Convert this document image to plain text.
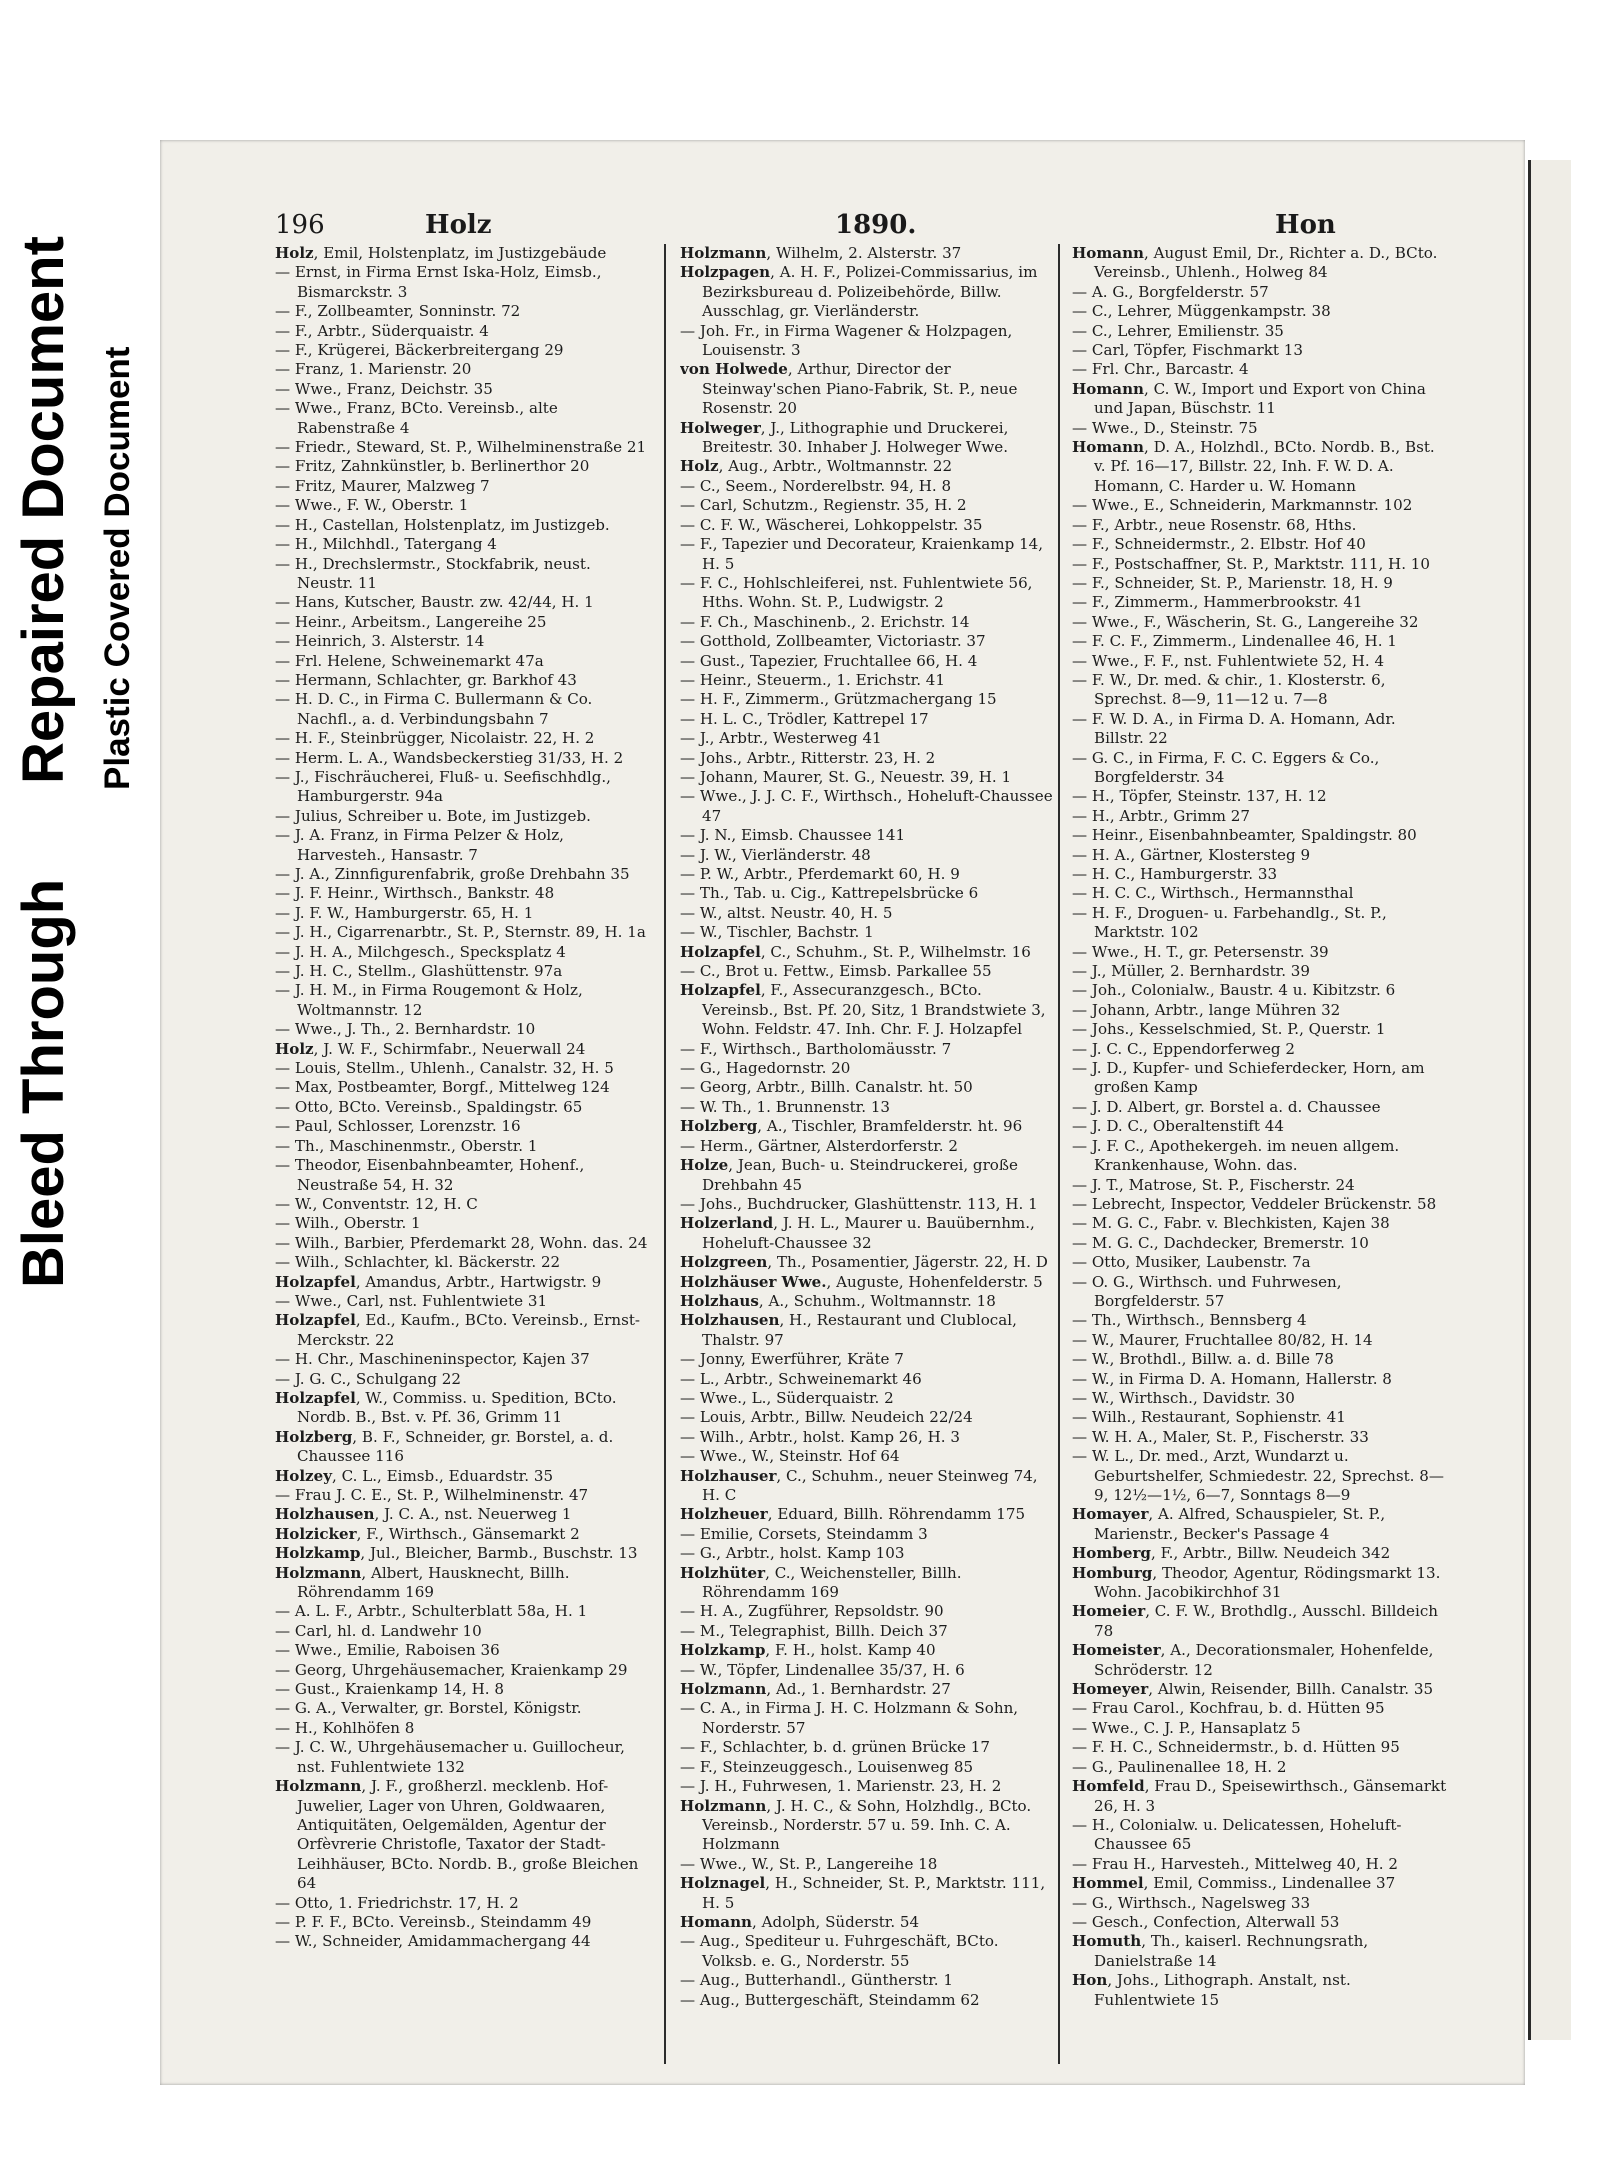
Bleed Through
Repaired Document Plastic Covered Document
196	Holz	1890.	Hon

Holz, Emil, Holstenplatz, im Justizgebäude

— Ernst, in Firma Ernst Iska-Holz, Eimsb., Bismarckstr. 3

— F., Zollbeamter, Sonninstr. 72

— F., Arbtr., Süderquaistr. 4

— F., Krügerei, Bäckerbreitergang 29

— Franz, 1. Marienstr. 20

— Wwe., Franz, Deichstr. 35

— Wwe., Franz, BCto. Vereinsb., alte Rabenstraße 4

— Friedr., Steward, St. P., Wilhelminenstraße 21

— Fritz, Zahnkünstler, b. Berlinerthor 20

— Fritz, Maurer, Malzweg 7

— Wwe., F. W., Oberstr. 1

— H., Castellan, Holstenplatz, im Justizgeb.

— H., Milchhdl., Tatergang 4

— H., Drechslermstr., Stockfabrik, neust. Neustr. 11

— Hans, Kutscher, Baustr. zw. 42/44, H. 1

— Heinr., Arbeitsm., Langereihe 25

— Heinrich, 3. Alsterstr. 14

— Frl. Helene, Schweinemarkt 47a

— Hermann, Schlachter, gr. Barkhof 43

— H. D. C., in Firma C. Bullermann & Co. Nachfl., a. d. Verbindungsbahn 7

— H. F., Steinbrügger, Nicolaistr. 22, H. 2

— Herm. L. A., Wandsbeckerstieg 31/33, H. 2

— J., Fischräucherei, Fluß- u. Seefischhdlg., Hamburgerstr. 94a

— Julius, Schreiber u. Bote, im Justizgeb.

— J. A. Franz, in Firma Pelzer & Holz, Harvesteh., Hansastr. 7

— J. A., Zinnfigurenfabrik, große Drehbahn 35

— J. F. Heinr., Wirthsch., Bankstr. 48

— J. F. W., Hamburgerstr. 65, H. 1

— J. H., Cigarrenarbtr., St. P., Sternstr. 89, H. 1a

— J. H. A., Milchgesch., Specksplatz 4

— J. H. C., Stellm., Glashüttenstr. 97a

— J. H. M., in Firma Rougemont & Holz, Woltmannstr. 12

— Wwe., J. Th., 2. Bernhardstr. 10

Holz, J. W. F., Schirmfabr., Neuerwall 24

— Louis, Stellm., Uhlenh., Canalstr. 32, H. 5

— Max, Postbeamter, Borgf., Mittelweg 124

— Otto, BCto. Vereinsb., Spaldingstr. 65

— Paul, Schlosser, Lorenzstr. 16

— Th., Maschinenmstr., Oberstr. 1

— Theodor, Eisenbahnbeamter, Hohenf., Neustraße 54, H. 32

— W., Conventstr. 12, H. C

— Wilh., Oberstr. 1

— Wilh., Barbier, Pferdemarkt 28, Wohn. das. 24

— Wilh., Schlachter, kl. Bäckerstr. 22

Holzapfel, Amandus, Arbtr., Hartwigstr. 9

— Wwe., Carl, nst. Fuhlentwiete 31

Holzapfel, Ed., Kaufm., BCto. Vereinsb., Ernst-Merckstr. 22

— H. Chr., Maschineninspector, Kajen 37

— J. G. C., Schulgang 22

Holzapfel, W., Commiss. u. Spedition, BCto. Nordb. B., Bst. v. Pf. 36, Grimm 11

Holzberg, B. F., Schneider, gr. Borstel, a. d. Chaussee 116

Holzey, C. L., Eimsb., Eduardstr. 35

— Frau J. C. E., St. P., Wilhelminenstr. 47

Holzhausen, J. C. A., nst. Neuerweg 1

Holzicker, F., Wirthsch., Gänsemarkt 2

Holzkamp, Jul., Bleicher, Barmb., Buschstr. 13

Holzmann, Albert, Hausknecht, Billh. Röhrendamm 169

— A. L. F., Arbtr., Schulterblatt 58a, H. 1

— Carl, hl. d. Landwehr 10

— Wwe., Emilie, Raboisen 36

— Georg, Uhrgehäusemacher, Kraienkamp 29

— Gust., Kraienkamp 14, H. 8

— G. A., Verwalter, gr. Borstel, Königstr.

— H., Kohlhöfen 8

— J. C. W., Uhrgehäusemacher u. Guillocheur, nst. Fuhlentwiete 132

Holzmann, J. F., großherzl. mecklenb. Hof-Juwelier, Lager von Uhren, Goldwaaren, Antiquitäten, Oelgemälden, Agentur der Orfèvrerie Christofle, Taxator der Stadt-Leihhäuser, BCto. Nordb. B., große Bleichen 64

— Otto, 1. Friedrichstr. 17, H. 2

— P. F. F., BCto. Vereinsb., Steindamm 49

— W., Schneider, Amidammachergang 44

Holzmann, Wilhelm, 2. Alsterstr. 37

Holzpagen, A. H. F., Polizei-Commissarius, im Bezirksbureau d. Polizeibehörde, Billw. Ausschlag, gr. Vierländerstr.

— Joh. Fr., in Firma Wagener & Holzpagen, Louisenstr. 3

von Holwede, Arthur, Director der Steinway'schen Piano-Fabrik, St. P., neue Rosenstr. 20

Holweger, J., Lithographie und Druckerei, Breitestr. 30. Inhaber J. Holweger Wwe.

Holz, Aug., Arbtr., Woltmannstr. 22

— C., Seem., Norderelbstr. 94, H. 8

— Carl, Schutzm., Regienstr. 35, H. 2

— C. F. W., Wäscherei, Lohkoppelstr. 35

— F., Tapezier und Decorateur, Kraienkamp 14, H. 5

— F. C., Hohlschleiferei, nst. Fuhlentwiete 56, Hths. Wohn. St. P., Ludwigstr. 2

— F. Ch., Maschinenb., 2. Erichstr. 14

— Gotthold, Zollbeamter, Victoriastr. 37

— Gust., Tapezier, Fruchtallee 66, H. 4

— Heinr., Steuerm., 1. Erichstr. 41

— H. F., Zimmerm., Grützmachergang 15

— H. L. C., Trödler, Kattrepel 17

— J., Arbtr., Westerweg 41

— Johs., Arbtr., Ritterstr. 23, H. 2

— Johann, Maurer, St. G., Neuestr. 39, H. 1

— Wwe., J. J. C. F., Wirthsch., Hoheluft-Chaussee 47

— J. N., Eimsb. Chaussee 141

— J. W., Vierländerstr. 48

— P. W., Arbtr., Pferdemarkt 60, H. 9

— Th., Tab. u. Cig., Kattrepelsbrücke 6

— W., altst. Neustr. 40, H. 5

— W., Tischler, Bachstr. 1

Holzapfel, C., Schuhm., St. P., Wilhelmstr. 16

— C., Brot u. Fettw., Eimsb. Parkallee 55

Holzapfel, F., Assecuranzgesch., BCto. Vereinsb., Bst. Pf. 20, Sitz, 1 Brandstwiete 3, Wohn. Feldstr. 47. Inh. Chr. F. J. Holzapfel

— F., Wirthsch., Bartholomäusstr. 7

— G., Hagedornstr. 20

— Georg, Arbtr., Billh. Canalstr. ht. 50

— W. Th., 1. Brunnenstr. 13

Holzberg, A., Tischler, Bramfelderstr. ht. 96

— Herm., Gärtner, Alsterdorferstr. 2

Holze, Jean, Buch- u. Steindruckerei, große Drehbahn 45

— Johs., Buchdrucker, Glashüttenstr. 113, H. 1

Holzerland, J. H. L., Maurer u. Bauübernhm., Hoheluft-Chaussee 32

Holzgreen, Th., Posamentier, Jägerstr. 22, H. D

Holzhäuser Wwe., Auguste, Hohenfelderstr. 5

Holzhaus, A., Schuhm., Woltmannstr. 18

Holzhausen, H., Restaurant und Clublocal, Thalstr. 97

— Jonny, Ewerführer, Kräte 7

— L., Arbtr., Schweinemarkt 46

— Wwe., L., Süderquaistr. 2

— Louis, Arbtr., Billw. Neudeich 22/24

— Wilh., Arbtr., holst. Kamp 26, H. 3

— Wwe., W., Steinstr. Hof 64

Holzhauser, C., Schuhm., neuer Steinweg 74, H. C

Holzheuer, Eduard, Billh. Röhrendamm 175

— Emilie, Corsets, Steindamm 3

— G., Arbtr., holst. Kamp 103

Holzhüter, C., Weichensteller, Billh. Röhrendamm 169

— H. A., Zugführer, Repsoldstr. 90

— M., Telegraphist, Billh. Deich 37

Holzkamp, F. H., holst. Kamp 40

— W., Töpfer, Lindenallee 35/37, H. 6

Holzmann, Ad., 1. Bernhardstr. 27

— C. A., in Firma J. H. C. Holzmann & Sohn, Norderstr. 57

— F., Schlachter, b. d. grünen Brücke 17

— F., Steinzeuggesch., Louisenweg 85

— J. H., Fuhrwesen, 1. Marienstr. 23, H. 2

Holzmann, J. H. C., & Sohn, Holzhdlg., BCto. Vereinsb., Norderstr. 57 u. 59. Inh. C. A. Holzmann

— Wwe., W., St. P., Langereihe 18

Holznagel, H., Schneider, St. P., Marktstr. 111, H. 5

Homann, Adolph, Süderstr. 54

— Aug., Spediteur u. Fuhrgeschäft, BCto. Volksb. e. G., Norderstr. 55

— Aug., Butterhandl., Güntherstr. 1

— Aug., Buttergeschäft, Steindamm 62

Homann, August Emil, Dr., Richter a. D., BCto. Vereinsb., Uhlenh., Holweg 84

— A. G., Borgfelderstr. 57

— C., Lehrer, Müggenkampstr. 38

— C., Lehrer, Emilienstr. 35

— Carl, Töpfer, Fischmarkt 13

— Frl. Chr., Barcastr. 4

Homann, C. W., Import und Export von China und Japan, Büschstr. 11

— Wwe., D., Steinstr. 75

Homann, D. A., Holzhdl., BCto. Nordb. B., Bst. v. Pf. 16—17, Billstr. 22, Inh. F. W. D. A. Homann, C. Harder u. W. Homann

— Wwe., E., Schneiderin, Markmannstr. 102

— F., Arbtr., neue Rosenstr. 68, Hths.

— F., Schneidermstr., 2. Elbstr. Hof 40

— F., Postschaffner, St. P., Marktstr. 111, H. 10

— F., Schneider, St. P., Marienstr. 18, H. 9

— F., Zimmerm., Hammerbrookstr. 41

— Wwe., F., Wäscherin, St. G., Langereihe 32

— F. C. F., Zimmerm., Lindenallee 46, H. 1

— Wwe., F. F., nst. Fuhlentwiete 52, H. 4

— F. W., Dr. med. & chir., 1. Klosterstr. 6, Sprechst. 8—9, 11—12 u. 7—8

— F. W. D. A., in Firma D. A. Homann, Adr. Billstr. 22

— G. C., in Firma, F. C. C. Eggers & Co., Borgfelderstr. 34

— H., Töpfer, Steinstr. 137, H. 12

— H., Arbtr., Grimm 27

— Heinr., Eisenbahnbeamter, Spaldingstr. 80

— H. A., Gärtner, Klostersteg 9

— H. C., Hamburgerstr. 33

— H. C. C., Wirthsch., Hermannsthal

— H. F., Droguen- u. Farbehandlg., St. P., Marktstr. 102

— Wwe., H. T., gr. Petersenstr. 39

— J., Müller, 2. Bernhardstr. 39

— Joh., Colonialw., Baustr. 4 u. Kibitzstr. 6

— Johann, Arbtr., lange Mühren 32

— Johs., Kesselschmied, St. P., Querstr. 1

— J. C. C., Eppendorferweg 2

— J. D., Kupfer- und Schieferdecker, Horn, am großen Kamp

— J. D. Albert, gr. Borstel a. d. Chaussee

— J. D. C., Oberaltenstift 44

— J. F. C., Apothekergeh. im neuen allgem. Krankenhause, Wohn. das.

— J. T., Matrose, St. P., Fischerstr. 24

— Lebrecht, Inspector, Veddeler Brückenstr. 58

— M. G. C., Fabr. v. Blechkisten, Kajen 38

— M. G. C., Dachdecker, Bremerstr. 10

— Otto, Musiker, Laubenstr. 7a

— O. G., Wirthsch. und Fuhrwesen, Borgfelderstr. 57

— Th., Wirthsch., Bennsberg 4

— W., Maurer, Fruchtallee 80/82, H. 14

— W., Brothdl., Billw. a. d. Bille 78

— W., in Firma D. A. Homann, Hallerstr. 8

— W., Wirthsch., Davidstr. 30

— Wilh., Restaurant, Sophienstr. 41

— W. H. A., Maler, St. P., Fischerstr. 33

— W. L., Dr. med., Arzt, Wundarzt u. Geburtshelfer, Schmiedestr. 22, Sprechst. 8—9, 12½—1½, 6—7, Sonntags 8—9

Homayer, A. Alfred, Schauspieler, St. P., Marienstr., Becker's Passage 4

Homberg, F., Arbtr., Billw. Neudeich 342

Homburg, Theodor, Agentur, Rödingsmarkt 13. Wohn. Jacobikirchhof 31

Homeier, C. F. W., Brothdlg., Ausschl. Billdeich 78

Homeister, A., Decorationsmaler, Hohenfelde, Schröderstr. 12

Homeyer, Alwin, Reisender, Billh. Canalstr. 35

— Frau Carol., Kochfrau, b. d. Hütten 95

— Wwe., C. J. P., Hansaplatz 5

— F. H. C., Schneidermstr., b. d. Hütten 95

— G., Paulinenallee 18, H. 2

Homfeld, Frau D., Speisewirthsch., Gänsemarkt 26, H. 3

— H., Colonialw. u. Delicatessen, Hoheluft-Chaussee 65

— Frau H., Harvesteh., Mittelweg 40, H. 2

Hommel, Emil, Commiss., Lindenallee 37

— G., Wirthsch., Nagelsweg 33

— Gesch., Confection, Alterwall 53

Homuth, Th., kaiserl. Rechnungsrath, Danielstraße 14

Hon, Johs., Lithograph. Anstalt, nst. Fuhlentwiete 15
